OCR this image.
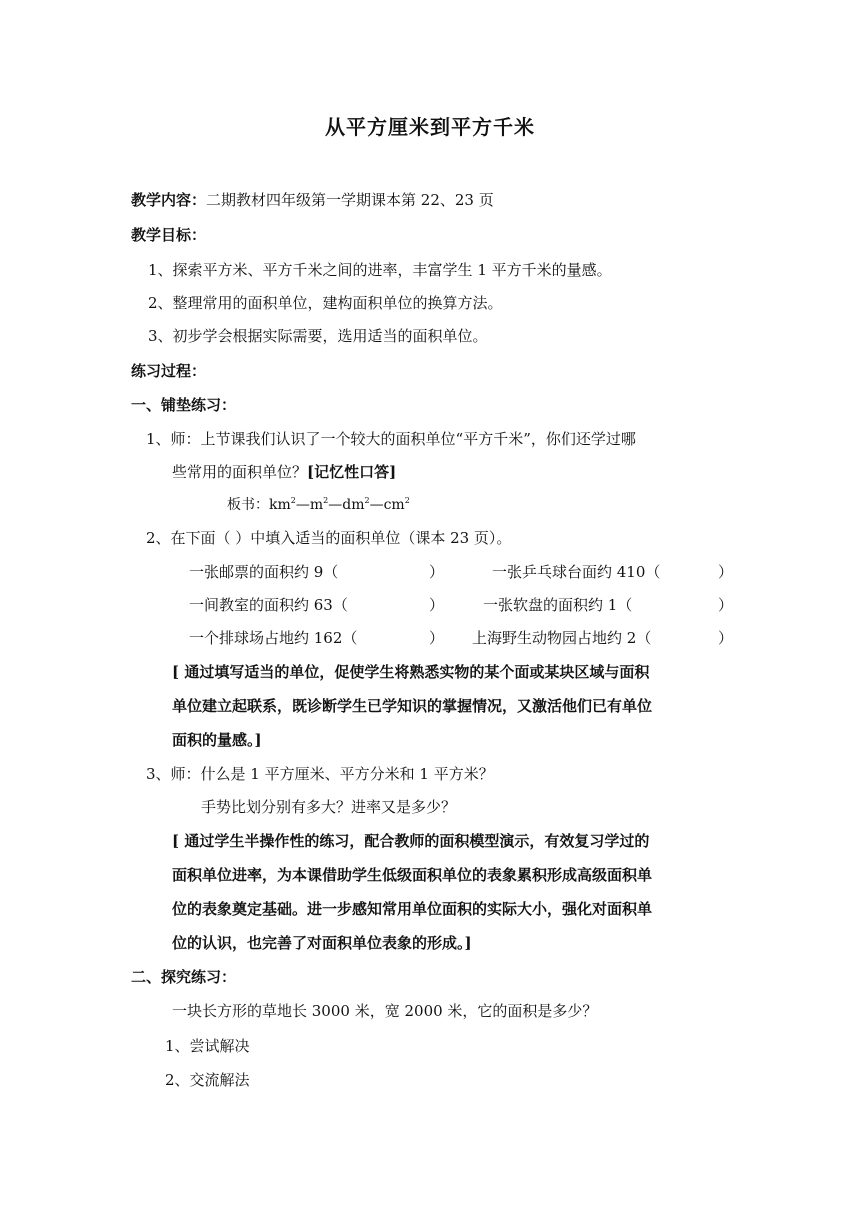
从平方厘米到平方千米
教学内容：二期教材四年级第一学期课本第 22、23 页
教学目标：
1、探索平方米、平方千米之间的进率，丰富学生 1 平方千米的量感。
2、整理常用的面积单位，建构面积单位的换算方法。
3、初步学会根据实际需要，选用适当的面积单位。
练习过程：
一、铺垫练习：
1、师：上节课我们认识了一个较大的面积单位“平方千米”，你们还学过哪
些常用的面积单位？[记忆性口答]
板书：$km^2—m^2—dm^2—cm^2$
2、在下面（ ）中填入适当的面积单位（课本 23 页）。
一张邮票的面积约 9（	）	一张乒乓球台面约 410（	）
一间教室的面积约 63（	）	一张软盘的面积约 1（	）
一个排球场占地约 162（	） 上海野生动物园占地约 2（	）
[ 通过填写适当的单位，促使学生将熟悉实物的某个面或某块区域与面积
单位建立起联系，既诊断学生已学知识的掌握情况，又激活他们已有单位
面积的量感。]
3、师：什么是 1 平方厘米、平方分米和 1 平方米？
手势比划分别有多大？进率又是多少？
[ 通过学生半操作性的练习，配合教师的面积模型演示，有效复习学过的
面积单位进率，为本课借助学生低级面积单位的表象累积形成高级面积单
位的表象奠定基础。进一步感知常用单位面积的实际大小，强化对面积单
位的认识，也完善了对面积单位表象的形成。]
二、探究练习：
一块长方形的草地长 3000 米，宽 2000 米，它的面积是多少？
1、尝试解决
2、交流解法
